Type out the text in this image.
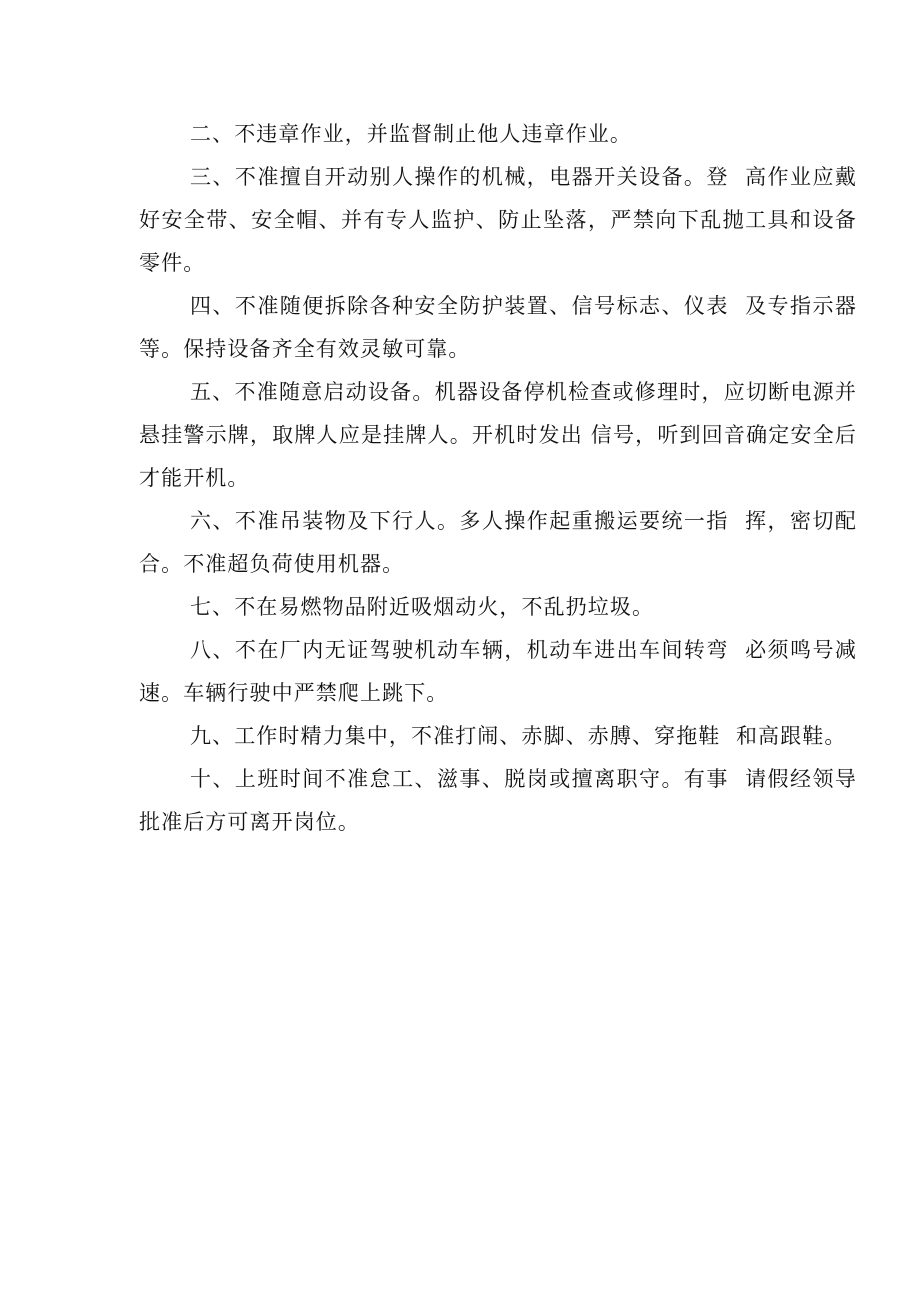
二、不违章作业，并监督制止他人违章作业。

三、不准擅自开动别人操作的机械，电器开关设备。登  高作业应戴好安全带、安全帽、并有专人监护、防止坠落，严禁向下乱抛工具和设备零件。

四、不准随便拆除各种安全防护装置、信号标志、仪表  及专指示器等。保持设备齐全有效灵敏可靠。

五、不准随意启动设备。机器设备停机检查或修理时，应切断电源并悬挂警示牌，取牌人应是挂牌人。开机时发出 信号，听到回音确定安全后才能开机。

六、不准吊装物及下行人。多人操作起重搬运要统一指  挥，密切配合。不准超负荷使用机器。

七、不在易燃物品附近吸烟动火，不乱扔垃圾。

八、不在厂内无证驾驶机动车辆，机动车进出车间转弯  必须鸣号减速。车辆行驶中严禁爬上跳下。

九、工作时精力集中，不准打闹、赤脚、赤膊、穿拖鞋  和高跟鞋。

十、上班时间不准怠工、滋事、脱岗或擅离职守。有事  请假经领导批准后方可离开岗位。
